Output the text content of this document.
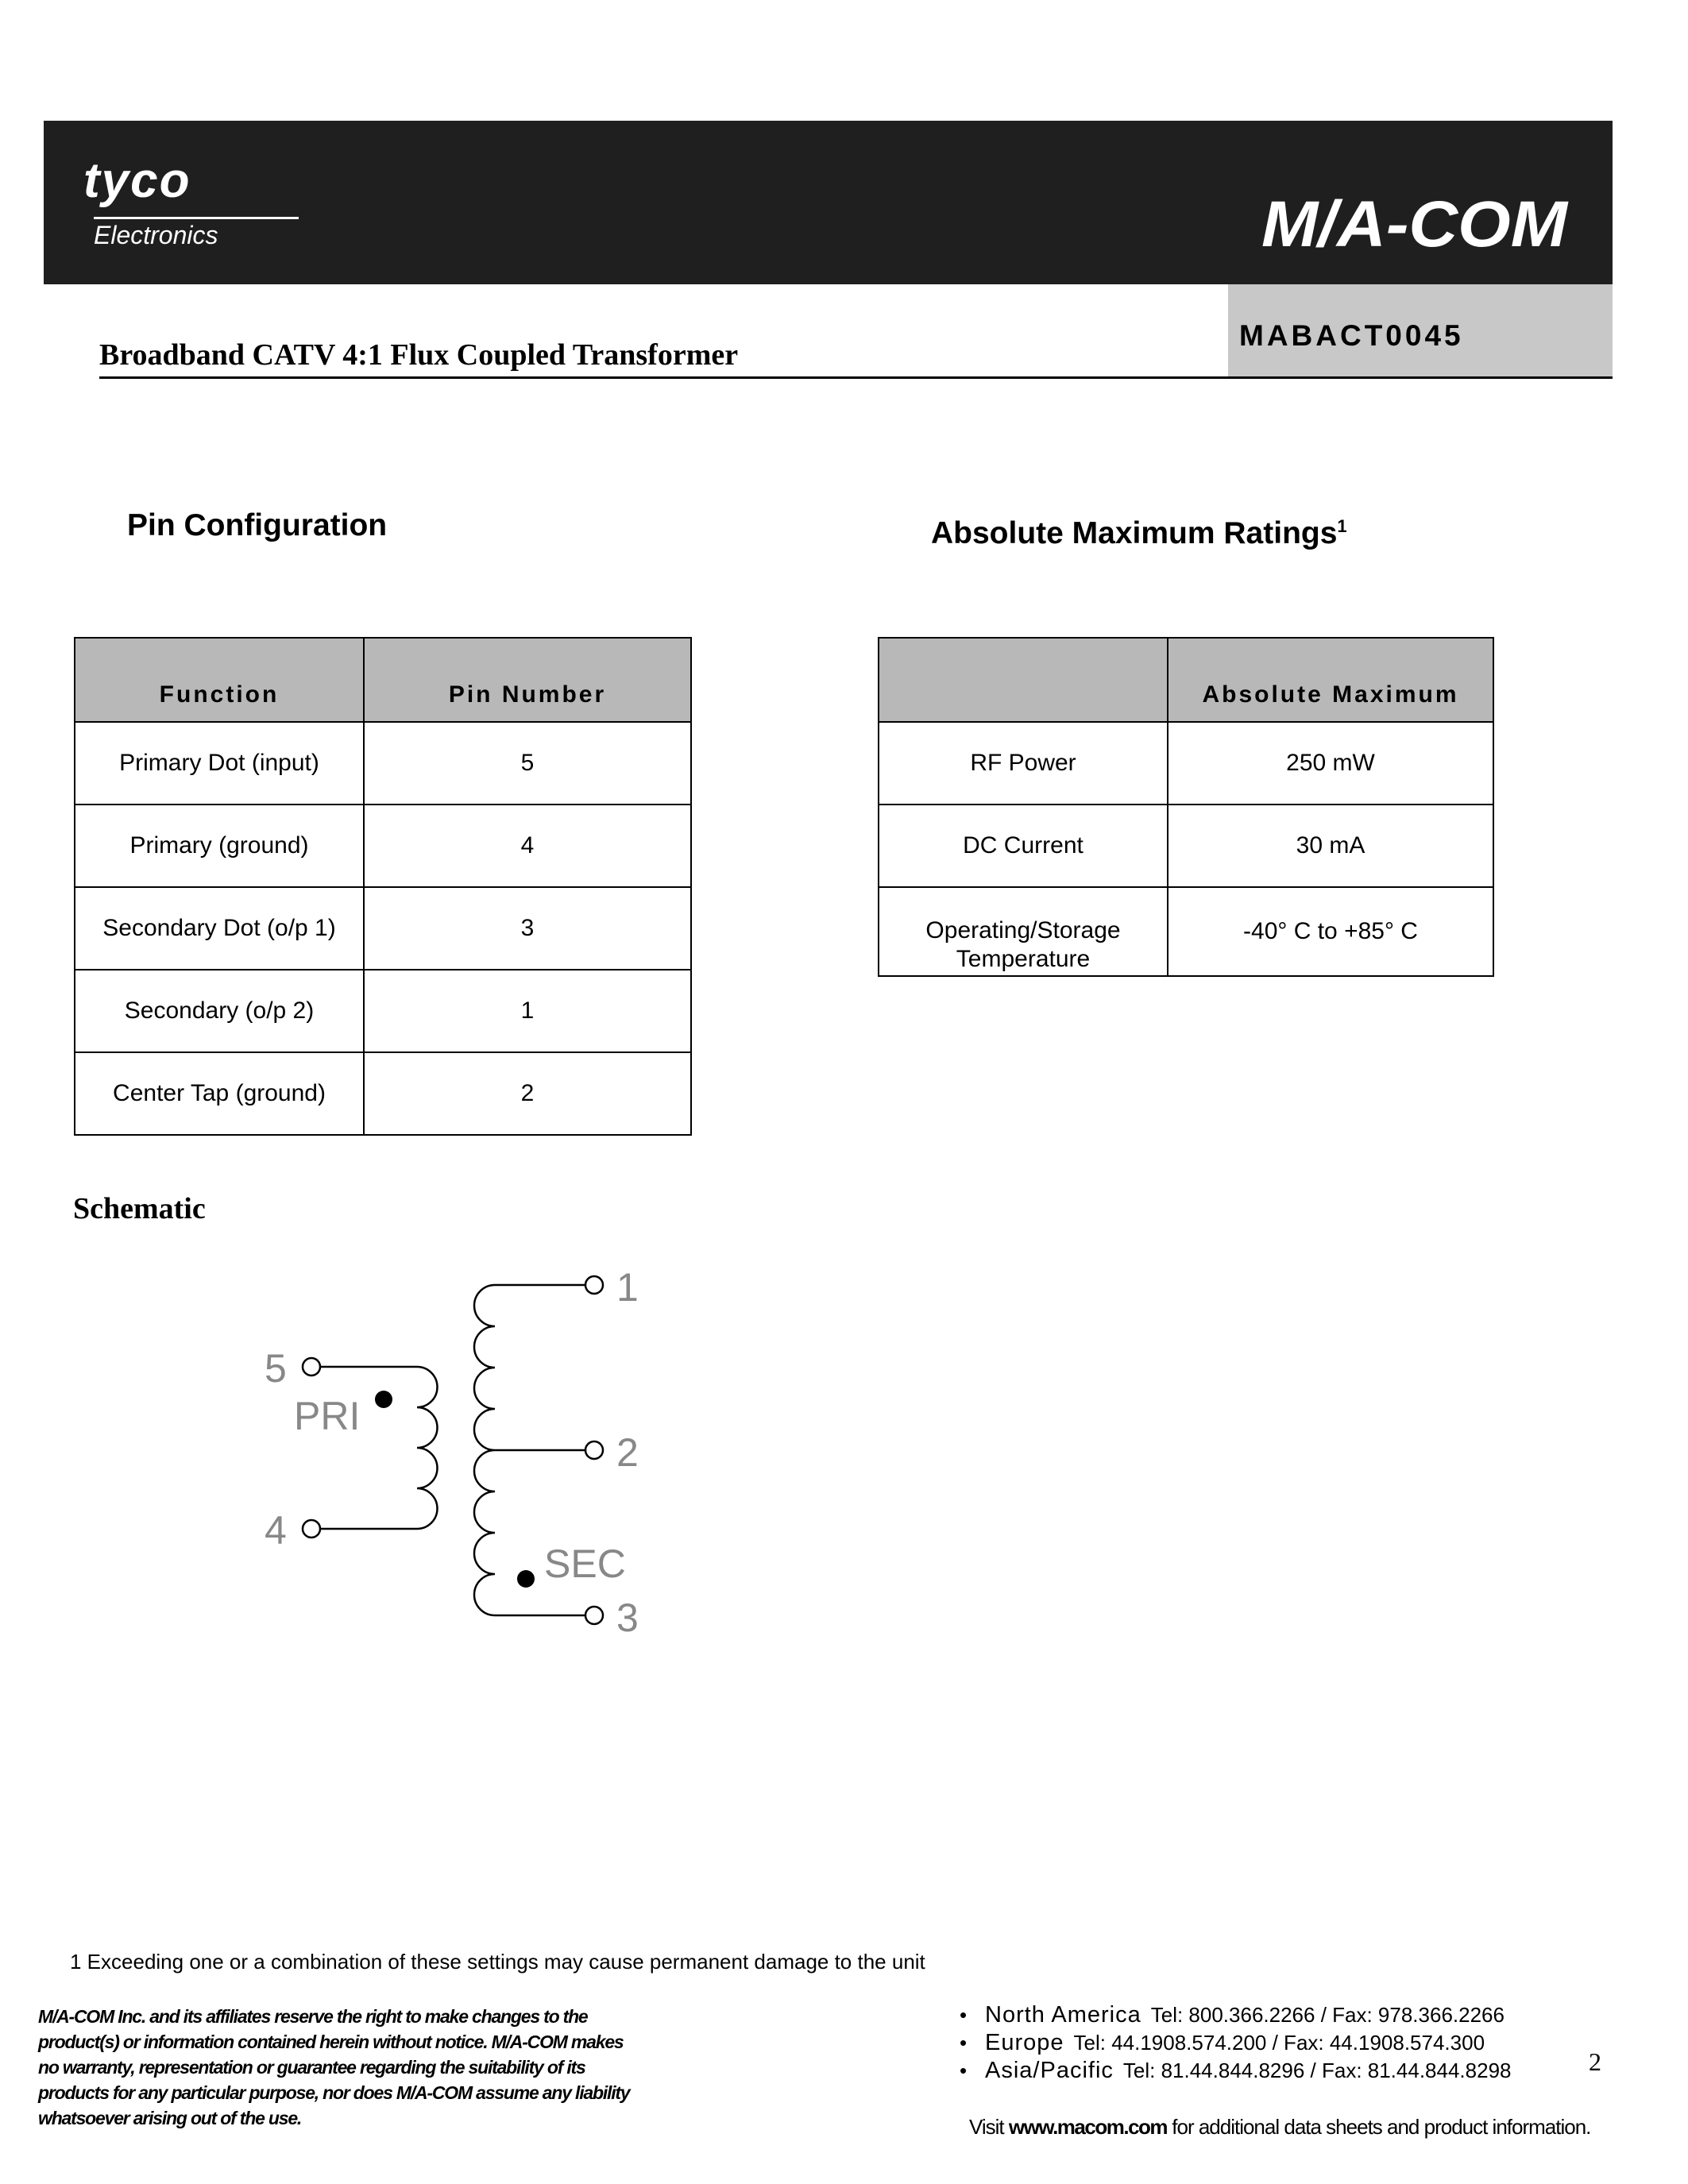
tyco
Electronics	M/A-COM
MABACT0045
Broadband CATV 4:1 Flux Coupled Transformer
Pin Configuration	Absolute Maximum Ratings$^1$
Function	Pin Number
Primary Dot (input)	5
Primary (ground)	4
Secondary Dot (o/p 1)	3
Secondary (o/p 2)	1
Center Tap (ground)	2
	Absolute Maximum
RF Power	250 mW
DC Current	30 mA
Operating/Storage Temperature	-40° C to +85° C
Schematic
5
4
1
2
3
PRI
SEC
1 Exceeding one or a combination of these settings may cause permanent damage to the unit
M/A-COM Inc. and its affiliates reserve the right to make changes to the
product(s) or information contained herein without notice. M/A-COM makes
no warranty, representation or guarantee regarding the suitability of its
products for any particular purpose, nor does M/A-COM assume any liability
whatsoever arising out of the use.
• North America Tel: 800.366.2266 / Fax: 978.366.2266
• Europe Tel: 44.1908.574.200 / Fax: 44.1908.574.300
• Asia/Pacific Tel: 81.44.844.8296 / Fax: 81.44.844.8298	2
Visit www.macom.com for additional data sheets and product information.
